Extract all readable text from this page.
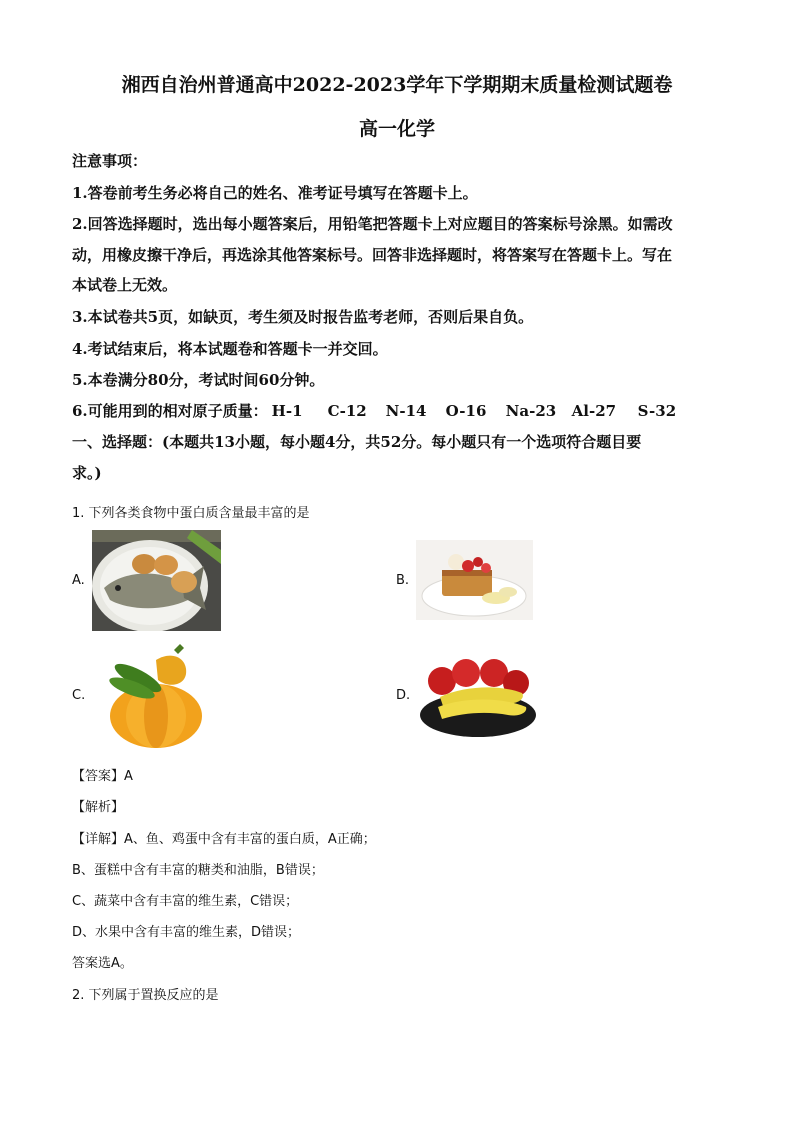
湘西自治州普通高中2022-2023学年下学期期末质量检测试题卷
高一化学
注意事项：
1.答卷前考生务必将自己的姓名、准考证号填写在答题卡上。
2.回答选择题时，选出每小题答案后，用铅笔把答题卡上对应题目的答案标号涂黑。如需改
动，用橡皮擦干净后，再选涂其他答案标号。回答非选择题时，将答案写在答题卡上。写在
本试卷上无效。
3.本试卷共5页，如缺页，考生须及时报告监考老师，否则后果自负。
4.考试结束后，将本试题卷和答题卡一并交回。
5.本卷满分80分，考试时间60分钟。
6.可能用到的相对原子质量： H-1 C-12 N-14 O-16 Na-23 Al-27 S-32
一、选择题：(本题共13小题，每小题4分，共52分。每小题只有一个选项符合题目要
求。)
1. 下列各类食物中蛋白质含量最丰富的是
A.	B.
C.	D.
【答案】A
【解析】
【详解】A、鱼、鸡蛋中含有丰富的蛋白质，A正确；
B、蛋糕中含有丰富的糖类和油脂，B错误；
C、蔬菜中含有丰富的维生素，C错误；
D、水果中含有丰富的维生素，D错误；
答案选A。
2. 下列属于置换反应的是
